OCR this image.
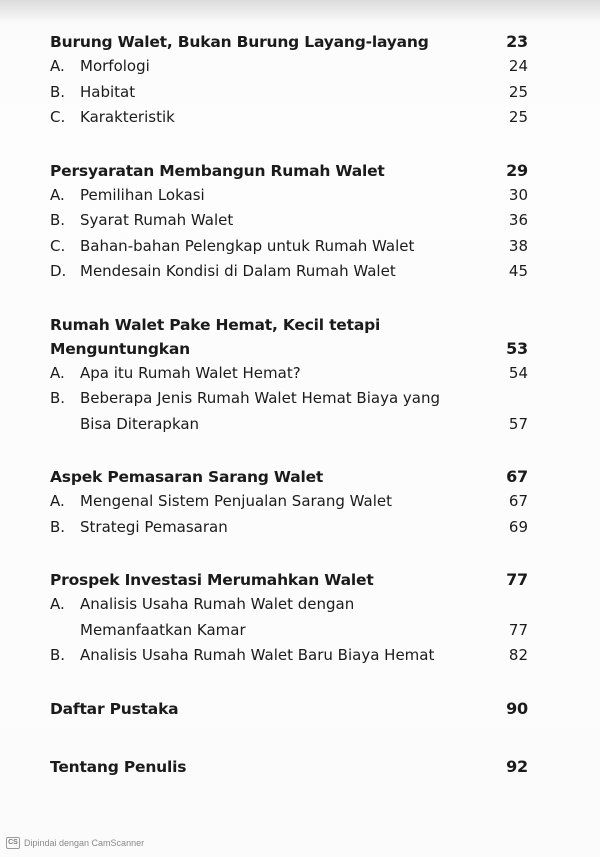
Burung Walet, Bukan Burung Layang-layang	23
A.	Morfologi	24
B. Habitat	25
C. Karakteristik	25
Persyaratan Membangun Rumah Walet	29
A.	Pemilihan Lokasi	30
B. Syarat Rumah Walet	36
C. Bahan-bahan Pelengkap untuk Rumah Walet	38
D. Mendesain Kondisi di Dalam Rumah Walet	45
Rumah Walet Pake Hemat, Kecil tetapi
Menguntungkan	53
A.	Apa itu Rumah Walet Hemat?	54
B. Beberapa Jenis Rumah Walet Hemat Biaya yang
Bisa Diterapkan	57
Aspek Pemasaran Sarang Walet	67
A.	Mengenal Sistem Penjualan Sarang Walet	67
B. Strategi Pemasaran	69
Prospek Investasi Merumahkan Walet	77
A.	Analisis Usaha Rumah Walet dengan
Memanfaatkan Kamar	77
B. Analisis Usaha Rumah Walet Baru Biaya Hemat	82
Daftar Pustaka	90
Tentang Penulis	92
CS Dipindai dengan CamScanner
